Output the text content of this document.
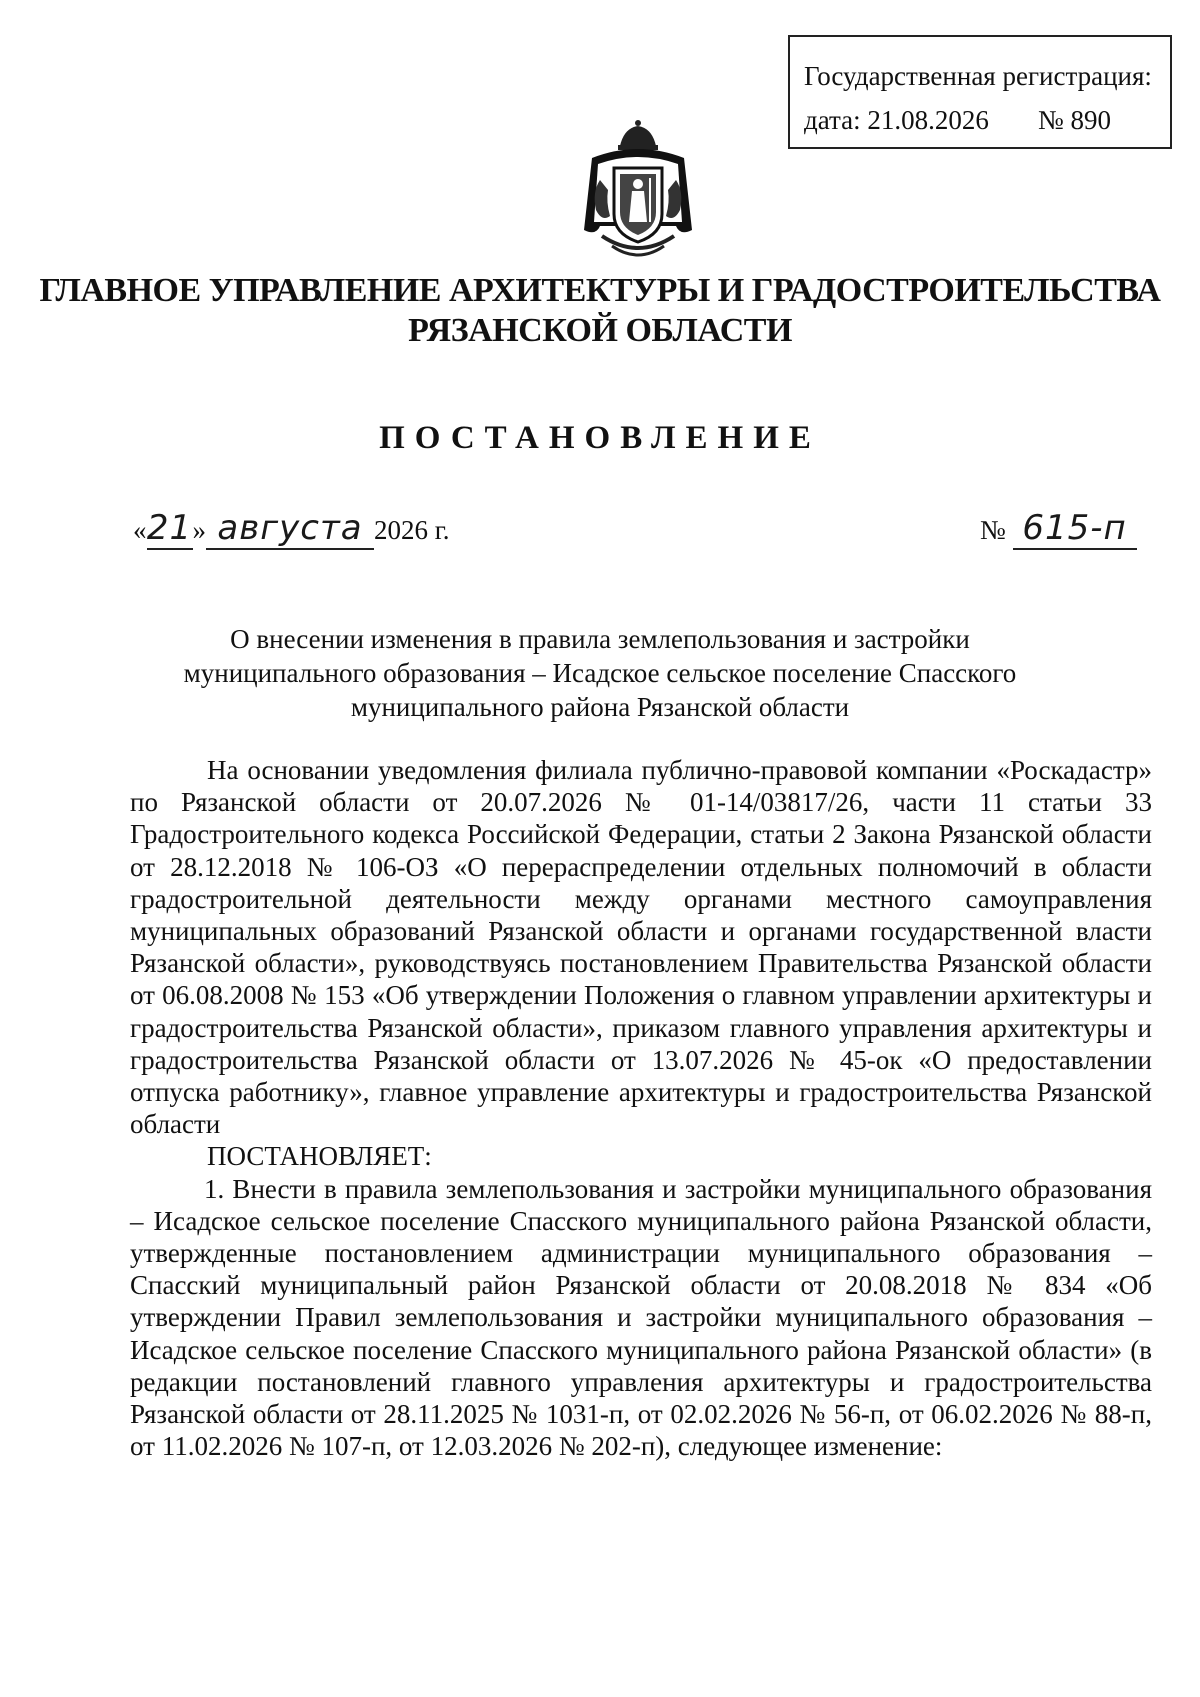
Государственная регистрация:
дата: 21.08.2026 № 890
ГЛАВНОЕ УПРАВЛЕНИЕ АРХИТЕКТУРЫ И ГРАДОСТРОИТЕЛЬСТВА
РЯЗАНСКОЙ ОБЛАСТИ
ПОСТАНОВЛЕНИЕ
«21» августа 2026 г.	№ 615-п
О внесении изменения в правила землепользования и застройки
муниципального образования – Исадское сельское поселение Спасского
муниципального района Рязанской области

На основании уведомления филиала публично-правовой компании «Роскадастр» по Рязанской области от 20.07.2026 № 01-14/03817/26, части 11 статьи 33 Градостроительного кодекса Российской Федерации, статьи 2 Закона Рязанской области от 28.12.2018 № 106-ОЗ «О перераспределении отдельных полномочий в области градостроительной деятельности между органами местного самоуправления муниципальных образований Рязанской области и органами государственной власти Рязанской области», руководствуясь постановлением Правительства Рязанской области от 06.08.2008 № 153 «Об утверждении Положения о главном управлении архитектуры и градостроительства Рязанской области», приказом главного управления архитектуры и градостроительства Рязанской области от 13.07.2026 № 45-ок «О предоставлении отпуска работнику», главное управление архитектуры и градостроительства Рязанской области

ПОСТАНОВЛЯЕТ:

1. Внести в правила землепользования и застройки муниципального образования – Исадское сельское поселение Спасского муниципального района Рязанской области, утвержденные постановлением администрации муниципального образования – Спасский муниципальный район Рязанской области от 20.08.2018 № 834 «Об утверждении Правил землепользования и застройки муниципального образования – Исадское сельское поселение Спасского муниципального района Рязанской области» (в редакции постановлений главного управления архитектуры и градостроительства Рязанской области от 28.11.2025 № 1031-п, от 02.02.2026 № 56-п, от 06.02.2026 № 88-п, от 11.02.2026 № 107-п, от 12.03.2026 № 202-п), следующее изменение:
